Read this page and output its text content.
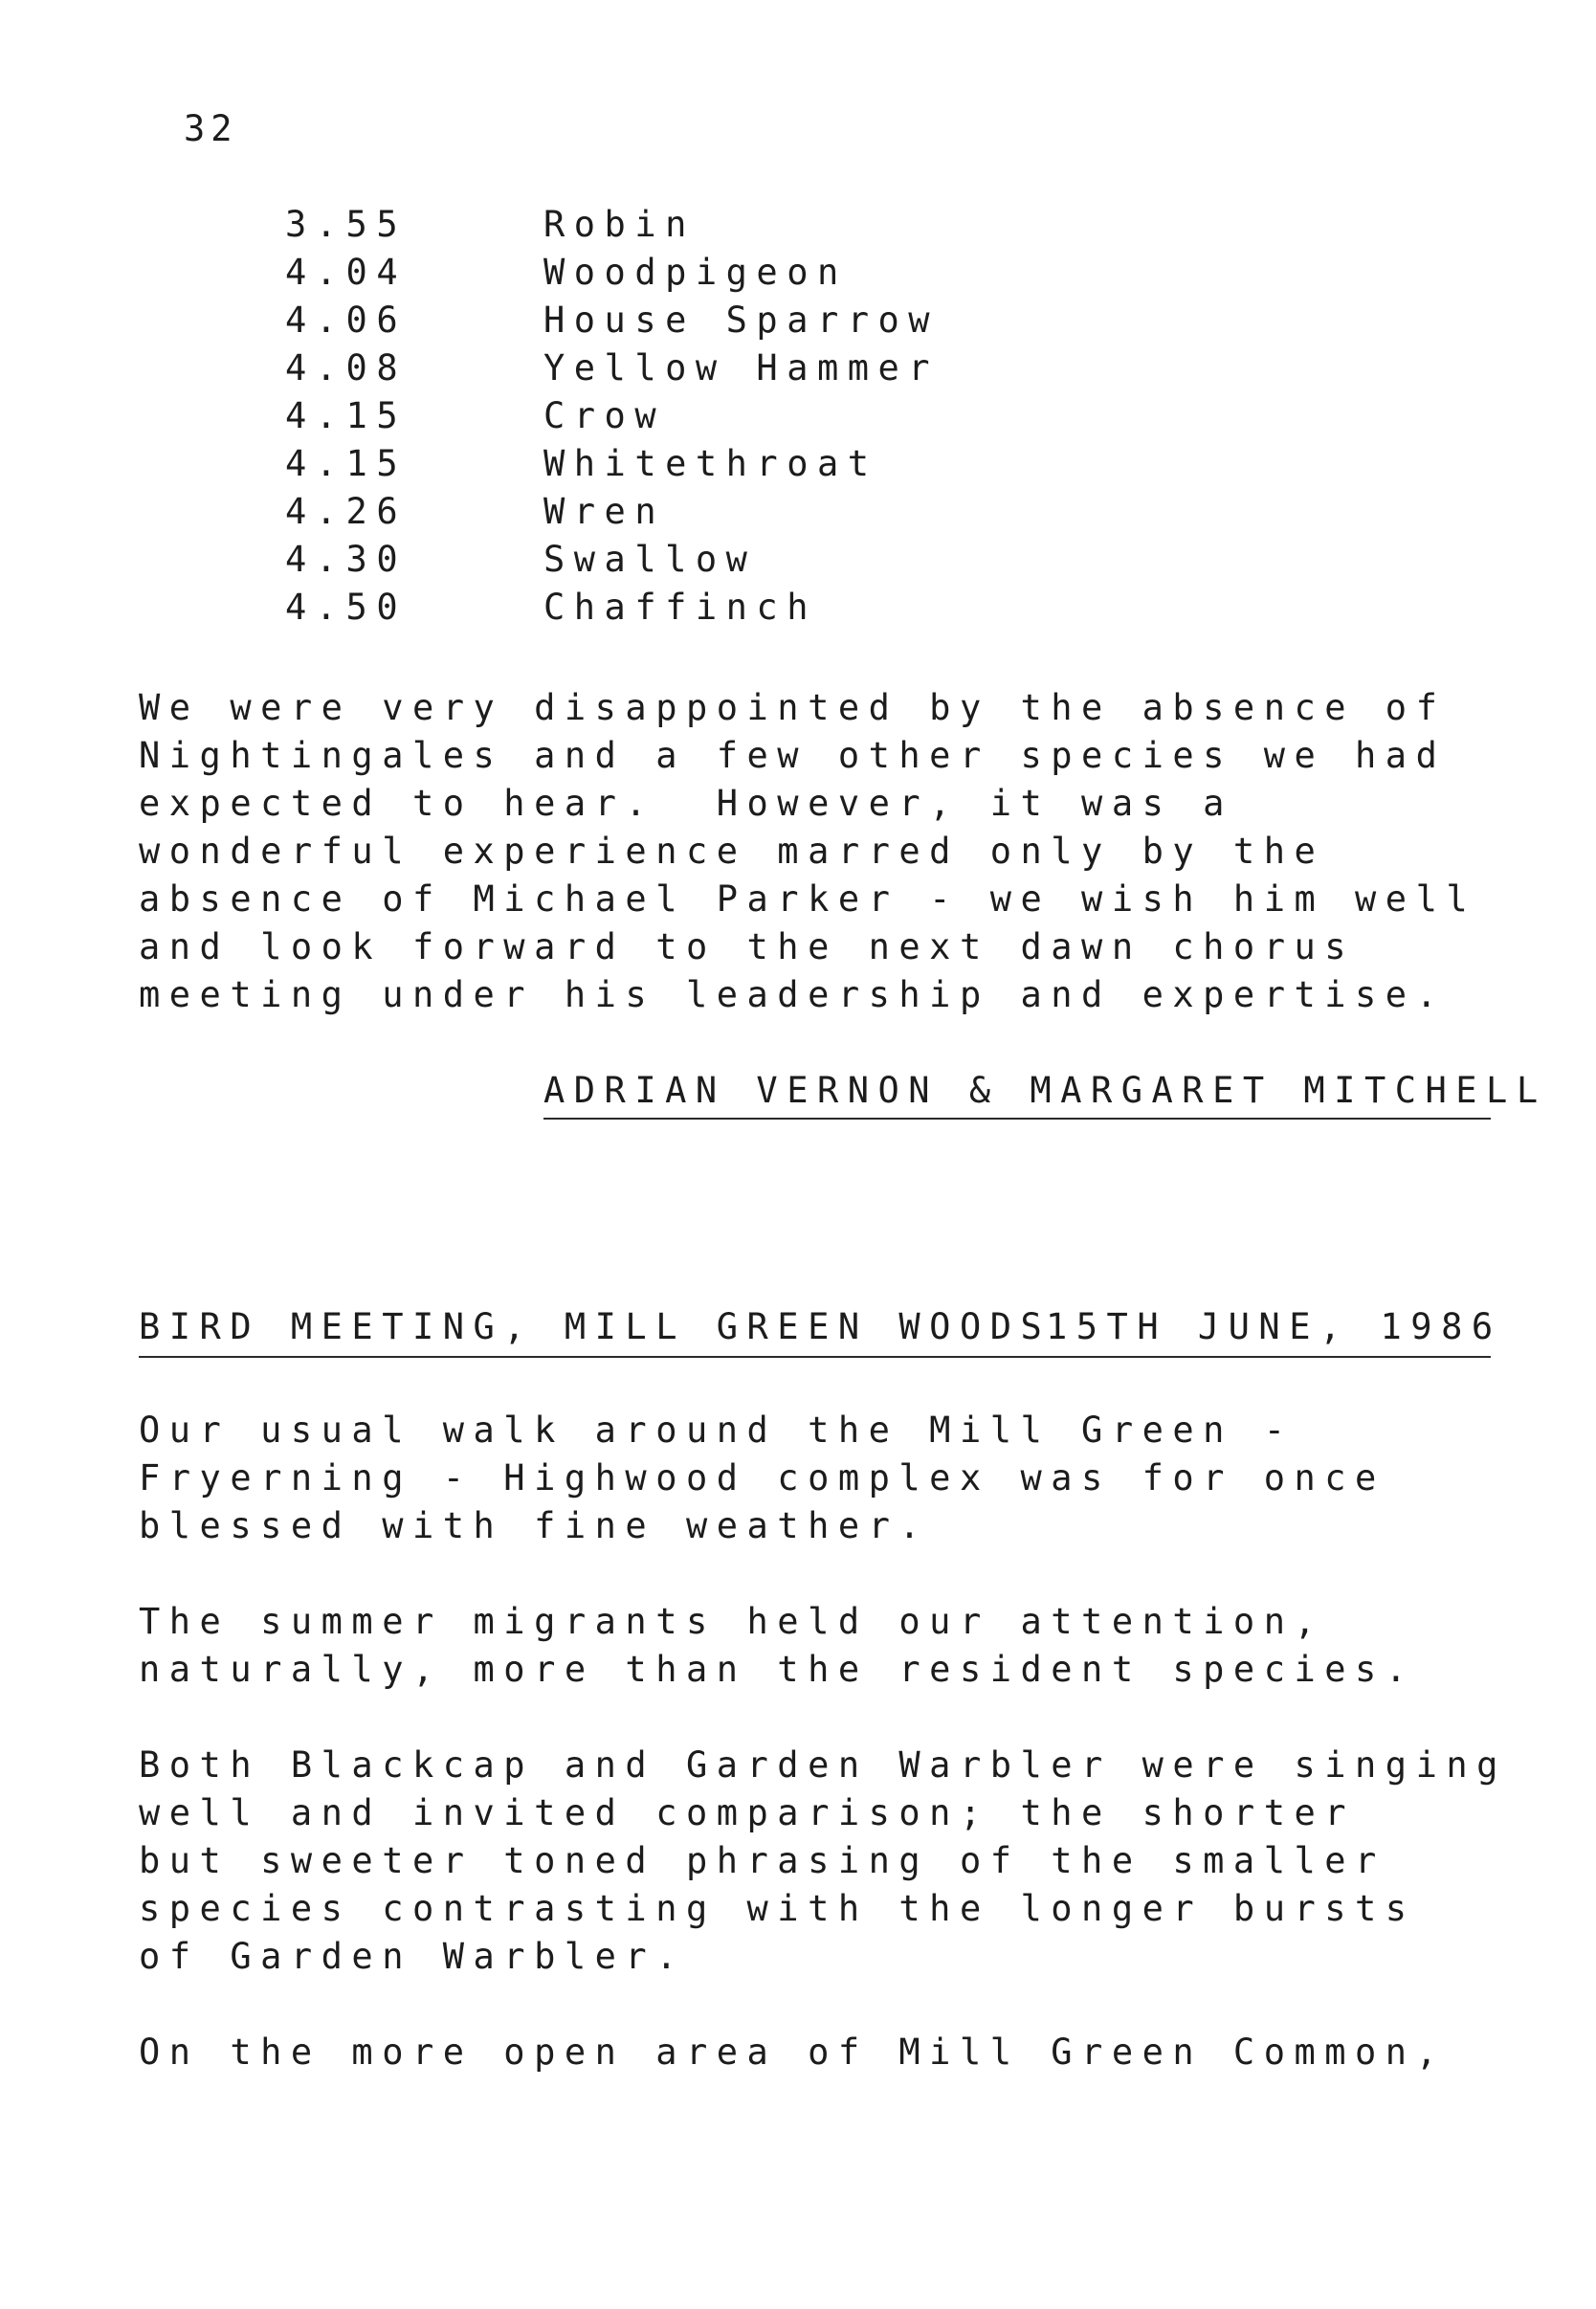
32
3.55	Robin
4.04	Woodpigeon
4.06	House Sparrow
4.08	Yellow Hammer
4.15	Crow
4.15	Whitethroat
4.26	Wren
4.30	Swallow
4.50	Chaffinch
We were very disappointed by the absence of
Nightingales and a few other species we had
expected to hear.  However, it was a
wonderful experience marred only by the
absence of Michael Parker - we wish him well
and look forward to the next dawn chorus
meeting under his leadership and expertise.
ADRIAN VERNON & MARGARET MITCHELL
BIRD MEETING, MILL GREEN WOODS
15TH JUNE, 1986
Our usual walk around the Mill Green -
Fryerning - Highwood complex was for once
blessed with fine weather.
The summer migrants held our attention,
naturally, more than the resident species.
Both Blackcap and Garden Warbler were singing
well and invited comparison; the shorter
but sweeter toned phrasing of the smaller
species contrasting with the longer bursts
of Garden Warbler.
On the more open area of Mill Green Common,
